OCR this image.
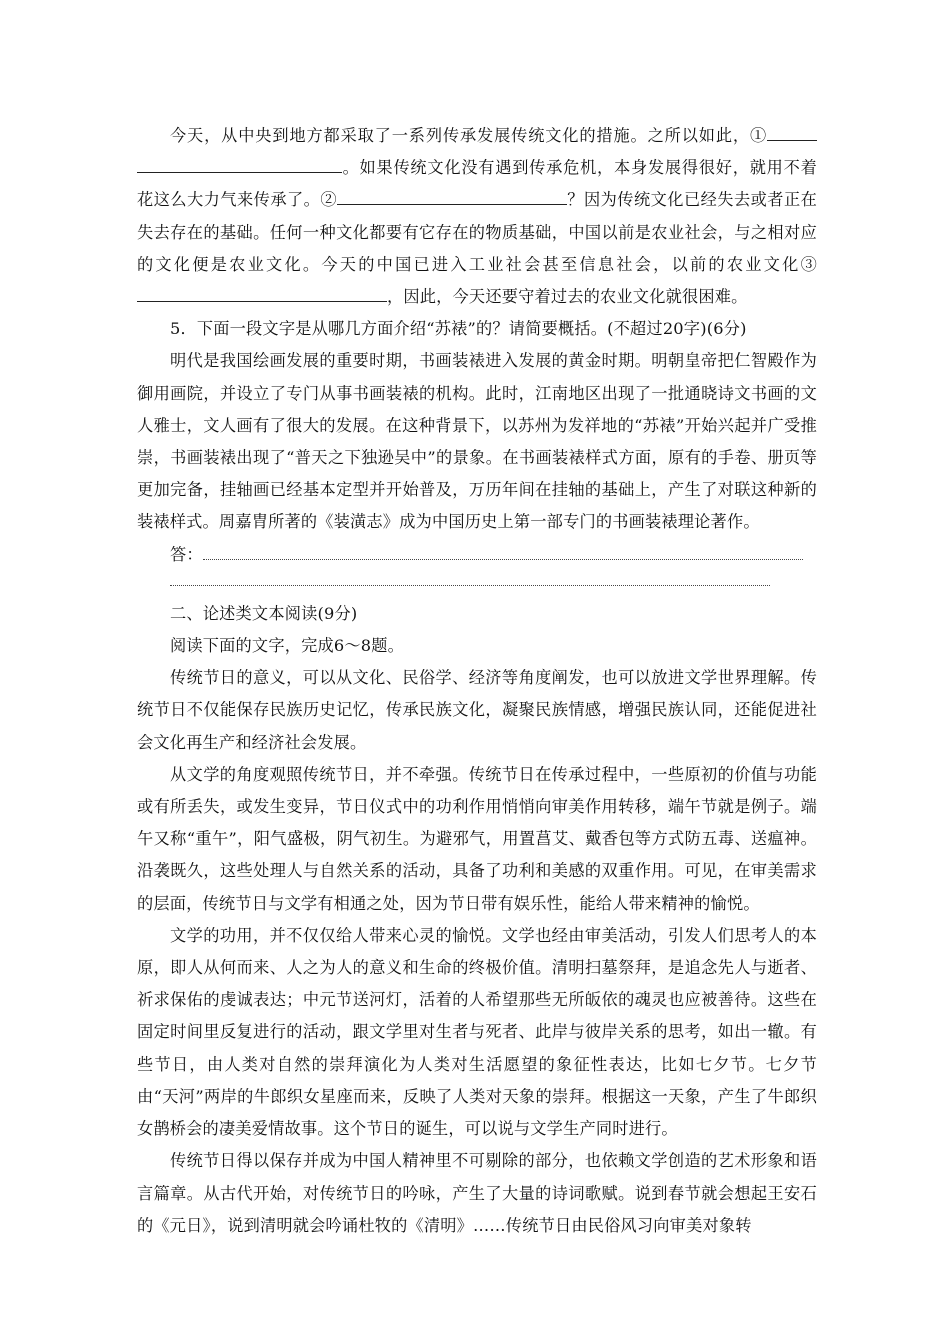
今天，从中央到地方都采取了一系列传承发展传统文化的措施。之所以如此，①。如果传统文化没有遇到传承危机，本身发展得很好，就用不着花这么大力气来传承了。②	？因为传统文化已经失去或者正在失去存在的基础。任何一种文化都要有它存在的物质基础，中国以前是农业社会，与之相对应的文化便是农业文化。今天的中国已进入工业社会甚至信息社会，以前的农业文化③，因此，今天还要守着过去的农业文化就很困难。

5．下面一段文字是从哪几方面介绍“苏裱”的？请简要概括。(不超过20字)(6分)

明代是我国绘画发展的重要时期，书画装裱进入发展的黄金时期。明朝皇帝把仁智殿作为御用画院，并设立了专门从事书画装裱的机构。此时，江南地区出现了一批通晓诗文书画的文人雅士，文人画有了很大的发展。在这种背景下，以苏州为发祥地的“苏裱”开始兴起并广受推崇，书画装裱出现了“普天之下独逊吴中”的景象。在书画装裱样式方面，原有的手卷、册页等更加完备，挂轴画已经基本定型并开始普及，万历年间在挂轴的基础上，产生了对联这种新的装裱样式。周嘉胄所著的《装潢志》成为中国历史上第一部专门的书画装裱理论著作。

答：

二、论述类文本阅读(9分)

阅读下面的文字，完成6～8题。

传统节日的意义，可以从文化、民俗学、经济等角度阐发，也可以放进文学世界理解。传统节日不仅能保存民族历史记忆，传承民族文化，凝聚民族情感，增强民族认同，还能促进社会文化再生产和经济社会发展。

从文学的角度观照传统节日，并不牵强。传统节日在传承过程中，一些原初的价值与功能或有所丢失，或发生变异，节日仪式中的功利作用悄悄向审美作用转移，端午节就是例子。端午又称“重午”，阳气盛极，阴气初生。为避邪气，用置菖艾、戴香包等方式防五毒、送瘟神。沿袭既久，这些处理人与自然关系的活动，具备了功利和美感的双重作用。可见，在审美需求的层面，传统节日与文学有相通之处，因为节日带有娱乐性，能给人带来精神的愉悦。

文学的功用，并不仅仅给人带来心灵的愉悦。文学也经由审美活动，引发人们思考人的本原，即人从何而来、人之为人的意义和生命的终极价值。清明扫墓祭拜，是追念先人与逝者、祈求保佑的虔诚表达；中元节送河灯，活着的人希望那些无所皈依的魂灵也应被善待。这些在固定时间里反复进行的活动，跟文学里对生者与死者、此岸与彼岸关系的思考，如出一辙。有些节日，由人类对自然的崇拜演化为人类对生活愿望的象征性表达，比如七夕节。七夕节由“天河”两岸的牛郎织女星座而来，反映了人类对天象的崇拜。根据这一天象，产生了牛郎织女鹊桥会的凄美爱情故事。这个节日的诞生，可以说与文学生产同时进行。

传统节日得以保存并成为中国人精神里不可剔除的部分，也依赖文学创造的艺术形象和语言篇章。从古代开始，对传统节日的吟咏，产生了大量的诗词歌赋。说到春节就会想起王安石的《元日》，说到清明就会吟诵杜牧的《清明》……传统节日由民俗风习向审美对象转
